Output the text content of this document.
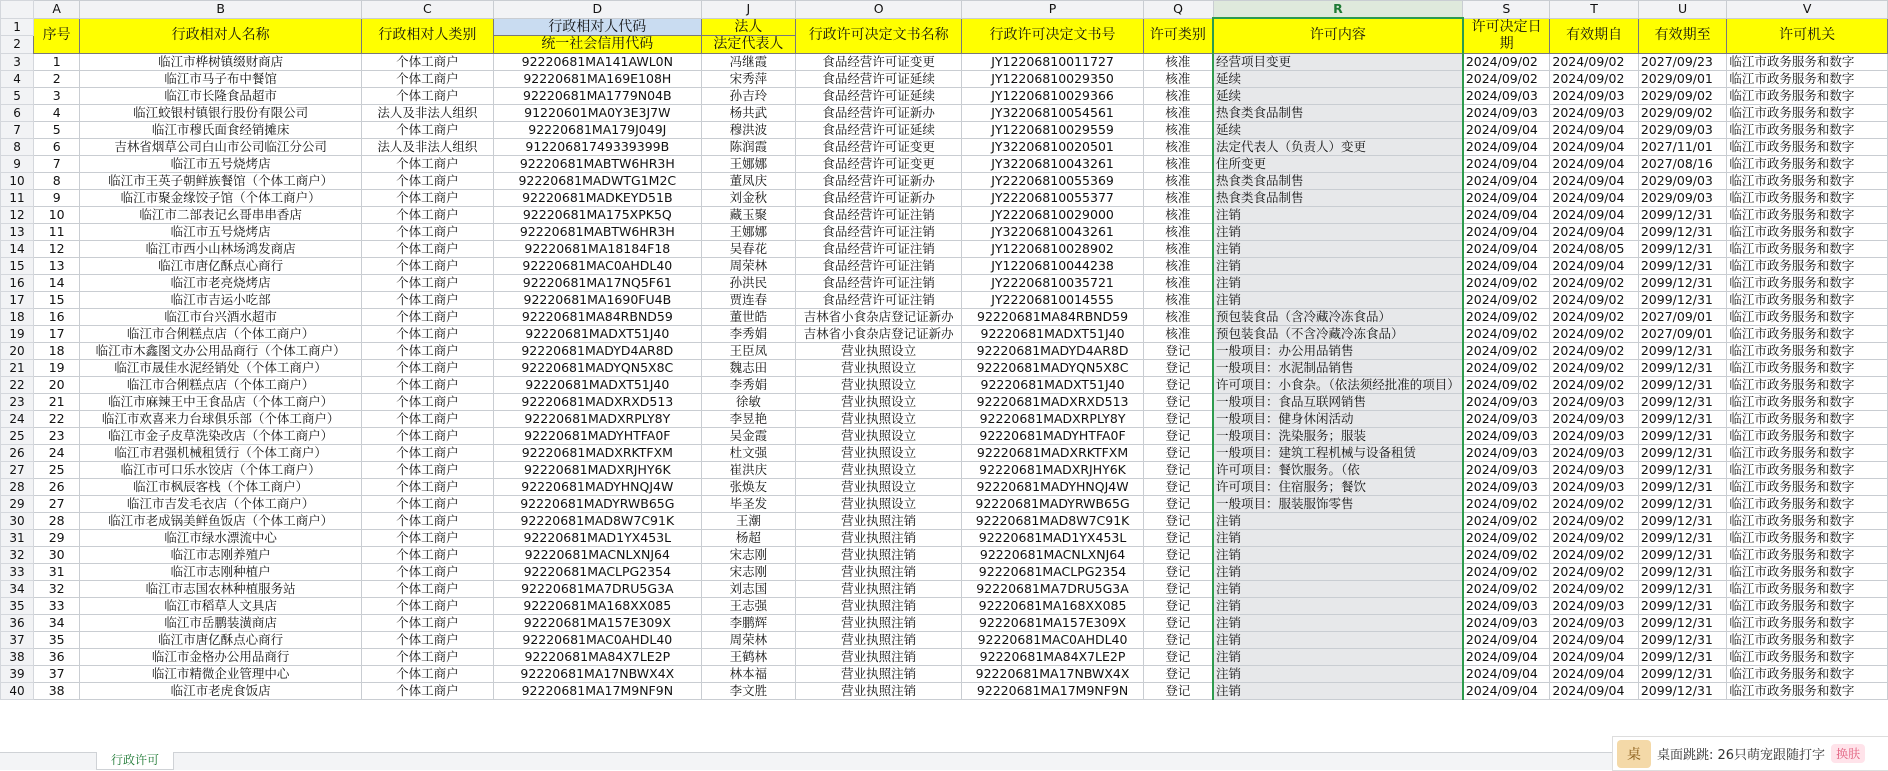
	A	B	C	D	J	O	P	Q	R	S	T	U	V
1	序号	行政相对人名称	行政相对人类别	行政相对人代码	法人	行政许可决定文书名称	行政许可决定文书号	许可类别	许可内容	许可决定日期	有效期自	有效期至	许可机关
2				统一社会信用代码	法定代表人								
3	1	临江市桦树镇缀财商店	个体工商户	92220681MA141AWL0N	冯继霞	食品经营许可证变更	JY12206810011727	核准	经营项目变更	2024/09/02	2024/09/02	2027/09/23	临江市政务服务和数字
4	2	临江市马子布中餐馆	个体工商户	92220681MA169E108H	宋秀萍	食品经营许可证延续	JY12206810029350	核准	延续	2024/09/02	2024/09/02	2029/09/01	临江市政务服务和数字
5	3	临江市长隆食品超市	个体工商户	92220681MA1779N04B	孙吉玲	食品经营许可证延续	JY12206810029366	核准	延续	2024/09/03	2024/09/03	2029/09/02	临江市政务服务和数字
6	4	临江蛟银村镇银行股份有限公司	法人及非法人组织	91220601MA0Y3E3J7W	杨共武	食品经营许可证新办	JY32206810054561	核准	热食类食品制售	2024/09/03	2024/09/03	2029/09/02	临江市政务服务和数字
7	5	临江市穆氏面食经销摊床	个体工商户	92220681MA179J049J	穆洪波	食品经营许可证延续	JY12206810029559	核准	延续	2024/09/04	2024/09/04	2029/09/03	临江市政务服务和数字
8	6	吉林省烟草公司白山市公司临江分公司	法人及非法人组织	91220681749339399B	陈润霞	食品经营许可证变更	JY32206810020501	核准	法定代表人（负责人）变更	2024/09/04	2024/09/04	2027/11/01	临江市政务服务和数字
9	7	临江市五号烧烤店	个体工商户	92220681MABTW6HR3H	王娜娜	食品经营许可证变更	JY32206810043261	核准	住所变更	2024/09/04	2024/09/04	2027/08/16	临江市政务服务和数字
10	8	临江市王英子朝鲜族餐馆（个体工商户）	个体工商户	92220681MADWTG1M2C	董凤庆	食品经营许可证新办	JY22206810055369	核准	热食类食品制售	2024/09/04	2024/09/04	2029/09/03	临江市政务服务和数字
11	9	临江市聚金缘饺子馆（个体工商户）	个体工商户	92220681MADKEYD51B	刘金秋	食品经营许可证新办	JY22206810055377	核准	热食类食品制售	2024/09/04	2024/09/04	2029/09/03	临江市政务服务和数字
12	10	临江市二部表记幺哥串串香店	个体工商户	92220681MA175XPK5Q	藏玉聚	食品经营许可证注销	JY22206810029000	核准	注销	2024/09/04	2024/09/04	2099/12/31	临江市政务服务和数字
13	11	临江市五号烧烤店	个体工商户	92220681MABTW6HR3H	王娜娜	食品经营许可证注销	JY32206810043261	核准	注销	2024/09/04	2024/09/04	2099/12/31	临江市政务服务和数字
14	12	临江市西小山林场鸿发商店	个体工商户	92220681MA18184F18	吴春花	食品经营许可证注销	JY12206810028902	核准	注销	2024/09/04	2024/08/05	2099/12/31	临江市政务服务和数字
15	13	临江市唐亿酥点心商行	个体工商户	92220681MAC0AHDL40	周荣林	食品经营许可证注销	JY12206810044238	核准	注销	2024/09/04	2024/09/04	2099/12/31	临江市政务服务和数字
16	14	临江市老亮烧烤店	个体工商户	92220681MA17NQ5F61	孙洪民	食品经营许可证注销	JY22206810035721	核准	注销	2024/09/02	2024/09/02	2099/12/31	临江市政务服务和数字
17	15	临江市吉运小吃部	个体工商户	92220681MA1690FU4B	贾连春	食品经营许可证注销	JY22206810014555	核准	注销	2024/09/02	2024/09/02	2099/12/31	临江市政务服务和数字
18	16	临江市台兴酒水超市	个体工商户	92220681MA84RBND59	董世皓	吉林省小食杂店登记证新办	92220681MA84RBND59	核准	预包装食品（含冷藏冷冻食品）	2024/09/02	2024/09/02	2027/09/01	临江市政务服务和数字
19	17	临江市合俐糕点店（个体工商户）	个体工商户	92220681MADXT51J40	李秀娟	吉林省小食杂店登记证新办	92220681MADXT51J40	核准	预包装食品（不含冷藏冷冻食品）	2024/09/02	2024/09/02	2027/09/01	临江市政务服务和数字
20	18	临江市木鑫图文办公用品商行（个体工商户）	个体工商户	92220681MADYD4AR8D	王臣凤	营业执照设立	92220681MADYD4AR8D	登记	一般项目：办公用品销售	2024/09/02	2024/09/02	2099/12/31	临江市政务服务和数字
21	19	临江市晟佳水泥经销处（个体工商户）	个体工商户	92220681MADYQN5X8C	魏志田	营业执照设立	92220681MADYQN5X8C	登记	一般项目：水泥制品销售	2024/09/02	2024/09/02	2099/12/31	临江市政务服务和数字
22	20	临江市合俐糕点店（个体工商户）	个体工商户	92220681MADXT51J40	李秀娟	营业执照设立	92220681MADXT51J40	登记	许可项目：小食杂。（依法须经批准的项目）	2024/09/02	2024/09/02	2099/12/31	临江市政务服务和数字
23	21	临江市麻辣王中王食品店（个体工商户）	个体工商户	92220681MADXRXD513	徐敏	营业执照设立	92220681MADXRXD513	登记	一般项目：食品互联网销售	2024/09/03	2024/09/03	2099/12/31	临江市政务服务和数字
24	22	临江市欢喜来力台球俱乐部（个体工商户）	个体工商户	92220681MADXRPLY8Y	李昱艳	营业执照设立	92220681MADXRPLY8Y	登记	一般项目：健身休闲活动	2024/09/03	2024/09/03	2099/12/31	临江市政务服务和数字
25	23	临江市金子皮草洗染改店（个体工商户）	个体工商户	92220681MADYHTFA0F	吴金霞	营业执照设立	92220681MADYHTFA0F	登记	一般项目：洗染服务；服装	2024/09/03	2024/09/03	2099/12/31	临江市政务服务和数字
26	24	临江市君强机械租赁行（个体工商户）	个体工商户	92220681MADXRKTFXM	杜文强	营业执照设立	92220681MADXRKTFXM	登记	一般项目：建筑工程机械与设备租赁	2024/09/03	2024/09/03	2099/12/31	临江市政务服务和数字
27	25	临江市可口乐水饺店（个体工商户）	个体工商户	92220681MADXRJHY6K	崔洪庆	营业执照设立	92220681MADXRJHY6K	登记	许可项目：餐饮服务。（依	2024/09/03	2024/09/03	2099/12/31	临江市政务服务和数字
28	26	临江市枫辰客栈（个体工商户）	个体工商户	92220681MADYHNQJ4W	张焕友	营业执照设立	92220681MADYHNQJ4W	登记	许可项目：住宿服务；餐饮	2024/09/03	2024/09/03	2099/12/31	临江市政务服务和数字
29	27	临江市吉发毛衣店（个体工商户）	个体工商户	92220681MADYRWB65G	毕圣发	营业执照设立	92220681MADYRWB65G	登记	一般项目：服装服饰零售	2024/09/02	2024/09/02	2099/12/31	临江市政务服务和数字
30	28	临江市老成锅美鲜鱼饭店（个体工商户）	个体工商户	92220681MAD8W7C91K	王潮	营业执照注销	92220681MAD8W7C91K	登记	注销	2024/09/02	2024/09/02	2099/12/31	临江市政务服务和数字
31	29	临江市绿水漂流中心	个体工商户	92220681MAD1YX453L	杨超	营业执照注销	92220681MAD1YX453L	登记	注销	2024/09/02	2024/09/02	2099/12/31	临江市政务服务和数字
32	30	临江市志刚养殖户	个体工商户	92220681MACNLXNJ64	宋志刚	营业执照注销	92220681MACNLXNJ64	登记	注销	2024/09/02	2024/09/02	2099/12/31	临江市政务服务和数字
33	31	临江市志刚种植户	个体工商户	92220681MACLPG2354	宋志刚	营业执照注销	92220681MACLPG2354	登记	注销	2024/09/02	2024/09/02	2099/12/31	临江市政务服务和数字
34	32	临江市志国农林种植服务站	个体工商户	92220681MA7DRU5G3A	刘志国	营业执照注销	92220681MA7DRU5G3A	登记	注销	2024/09/02	2024/09/02	2099/12/31	临江市政务服务和数字
35	33	临江市稻草人文具店	个体工商户	92220681MA168XX085	王志强	营业执照注销	92220681MA168XX085	登记	注销	2024/09/03	2024/09/03	2099/12/31	临江市政务服务和数字
36	34	临江市岳鹏装潢商店	个体工商户	92220681MA157E309X	李鹏辉	营业执照注销	92220681MA157E309X	登记	注销	2024/09/03	2024/09/03	2099/12/31	临江市政务服务和数字
37	35	临江市唐亿酥点心商行	个体工商户	92220681MAC0AHDL40	周荣林	营业执照注销	92220681MAC0AHDL40	登记	注销	2024/09/04	2024/09/04	2099/12/31	临江市政务服务和数字
38	36	临江市金格办公用品商行	个体工商户	92220681MA84X7LE2P	王鹤林	营业执照注销	92220681MA84X7LE2P	登记	注销	2024/09/04	2024/09/04	2099/12/31	临江市政务服务和数字
39	37	临江市精微企业管理中心	个体工商户	92220681MA17NBWX4X	林本福	营业执照注销	92220681MA17NBWX4X	登记	注销	2024/09/04	2024/09/04	2099/12/31	临江市政务服务和数字
40	38	临江市老虎食饭店	个体工商户	92220681MA17M9NF9N	李文胜	营业执照注销	92220681MA17M9NF9N	登记	注销	2024/09/04	2024/09/04	2099/12/31	临江市政务服务和数字
行政许可	桌	桌面跳跳: 26只萌宠跟随打字 换肤
